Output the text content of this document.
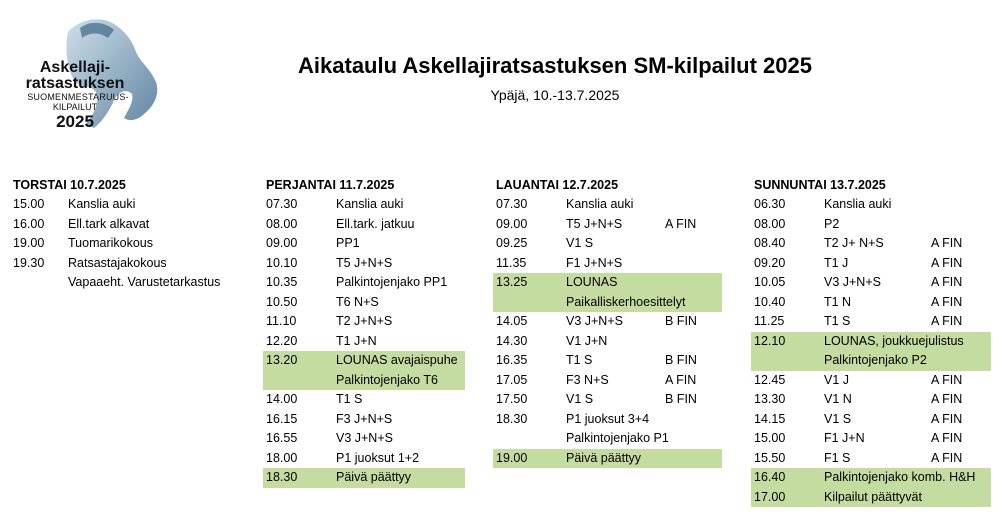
Askellaji-
ratsastuksen
SUOMENMESTARUUS-
KILPAILUT
2025
Aikataulu Askellajiratsastuksen SM-kilpailut 2025
Ypäjä, 10.-13.7.2025
TORSTAI 10.7.2025
15.00 Kanslia auki
16.00 Ell.tark alkavat
19.00 Tuomarikokous
19.30 Ratsastajakokous
Vapaaeht. Varustetarkastus
PERJANTAI 11.7.2025
07.30	Kanslia auki
08.00	Ell.tark. jatkuu
09.00	PP1
10.10	T5 J+N+S
10.35	Palkintojenjako PP1
10.50	T6 N+S
11.10	T2 J+N+S
12.20	T1 J+N
13.20	LOUNAS avajaispuhe
Palkintojenjako T6
14.00	T1 S
16.15	F3 J+N+S
16.55	V3 J+N+S
18.00	P1 juoksut 1+2
18.30	Päivä päättyy
LAUANTAI 12.7.2025
07.30	Kanslia auki
09.00	T5 J+N+S	A FIN
09.25	V1 S
11.35	F1 J+N+S
13.25	LOUNAS
Paikalliskerhoesittelyt
14.05	V3 J+N+S	B FIN
14.30	V1 J+N
16.35	T1 S	B FIN
17.05	F3 N+S	A FIN
17.50	V1 S	B FIN
18.30	P1 juoksut 3+4
Palkintojenjako P1
19.00	Päivä päättyy
SUNNUNTAI 13.7.2025
06.30	Kanslia auki
08.00	P2
08.40	T2 J+ N+S	A FIN
09.20	T1 J	A FIN
10.05	V3 J+N+S	A FIN
10.40	T1 N	A FIN
11.25	T1 S	A FIN
12.10	LOUNAS, joukkuejulistus
Palkintojenjako P2
12.45	V1 J	A FIN
13.30	V1 N	A FIN
14.15	V1 S	A FIN
15.00	F1 J+N	A FIN
15.50	F1 S	A FIN
16.40	Palkintojenjako komb. H&H
17.00	Kilpailut päättyvät
